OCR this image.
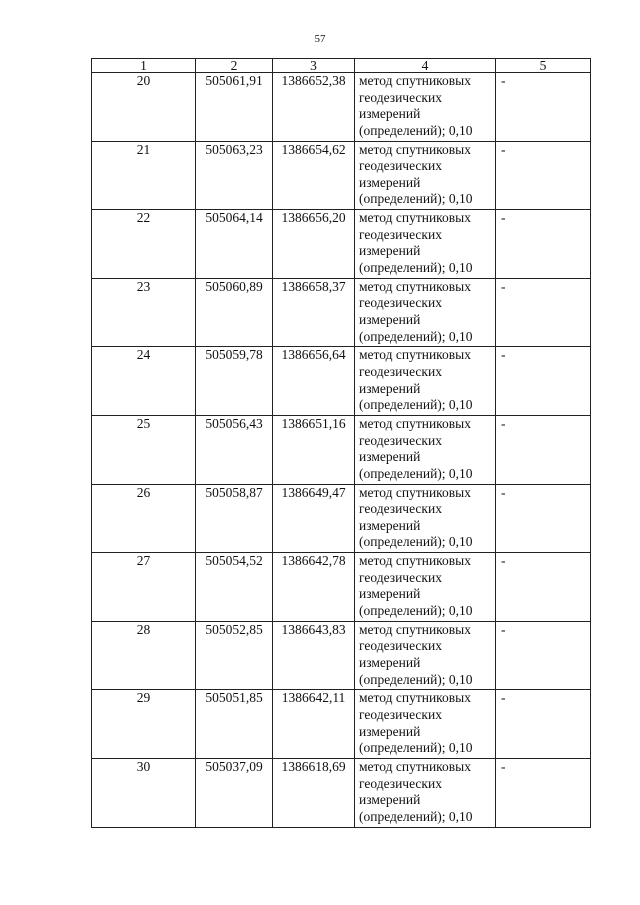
57
1	2	3	4	5
20	505061,91	1386652,38	метод спутниковых
геодезических
измерений
(определений); 0,10	-
21	505063,23	1386654,62	метод спутниковых
геодезических
измерений
(определений); 0,10	-
22	505064,14	1386656,20	метод спутниковых
геодезических
измерений
(определений); 0,10	-
23	505060,89	1386658,37	метод спутниковых
геодезических
измерений
(определений); 0,10	-
24	505059,78	1386656,64	метод спутниковых
геодезических
измерений
(определений); 0,10	-
25	505056,43	1386651,16	метод спутниковых
геодезических
измерений
(определений); 0,10	-
26	505058,87	1386649,47	метод спутниковых
геодезических
измерений
(определений); 0,10	-
27	505054,52	1386642,78	метод спутниковых
геодезических
измерений
(определений); 0,10	-
28	505052,85	1386643,83	метод спутниковых
геодезических
измерений
(определений); 0,10	-
29	505051,85	1386642,11	метод спутниковых
геодезических
измерений
(определений); 0,10	-
30	505037,09	1386618,69	метод спутниковых
геодезических
измерений
(определений); 0,10	-
